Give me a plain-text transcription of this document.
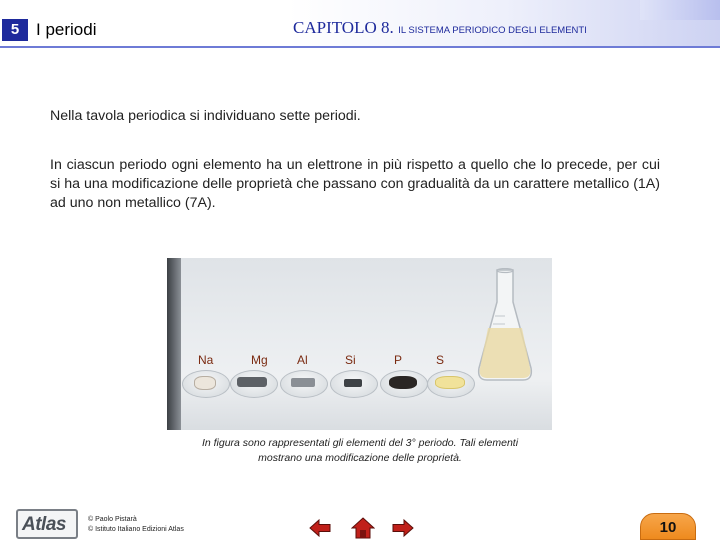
5 I periodi	CAPITOLO 8. IL SISTEMA PERIODICO DEGLI ELEMENTI
Nella tavola periodica si individuano sette periodi.
In ciascun periodo ogni elemento ha un elettrone in più rispetto a quello che lo precede, per cui si ha una modificazione delle proprietà che passano con gradualità da un carattere metallico (1A) ad uno non metallico (7A).
Na	Mg Al	Si	P	S
In figura sono rappresentati gli elementi del 3° periodo. Tali elementi
mostrano una modificazione delle proprietà.
Atlas	© Paolo Pistarà
© Istituto Italiano Edizioni Atlas	10
